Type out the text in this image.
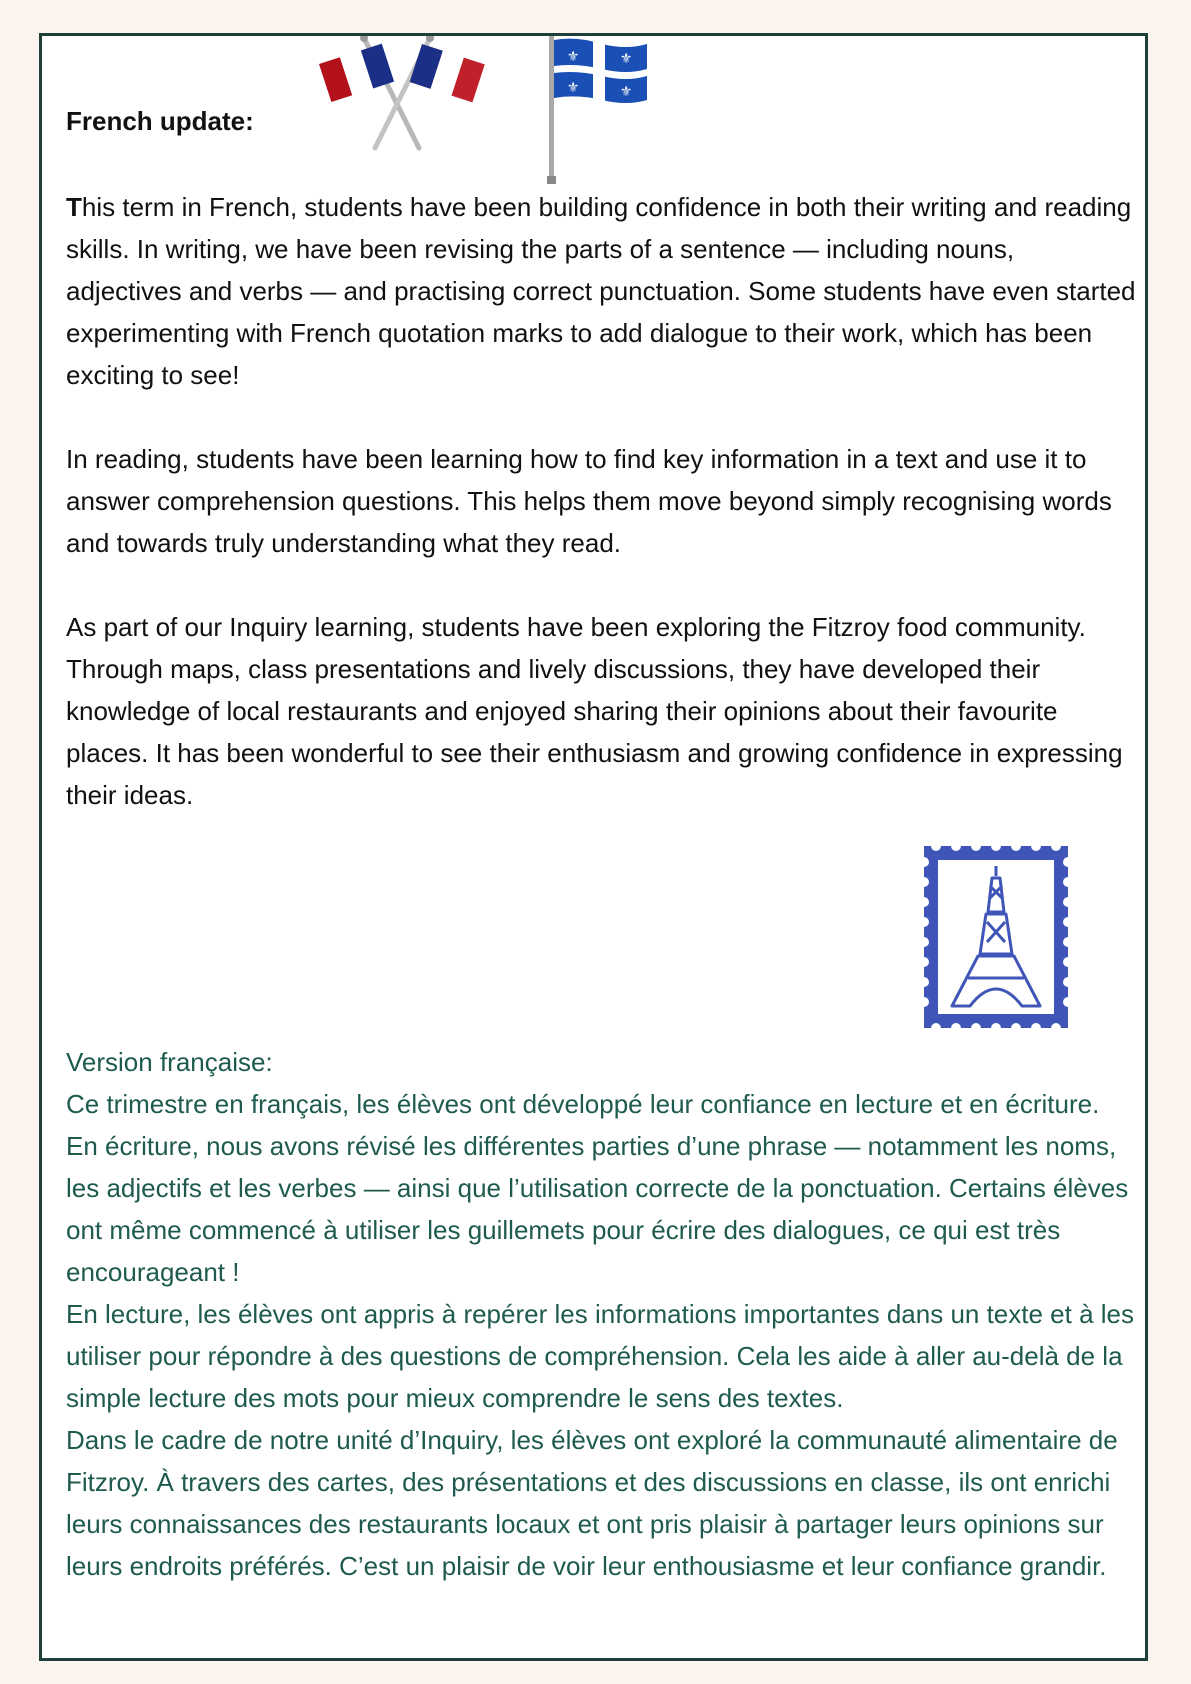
French update:
⚜	⚜
⚜	⚜

This term in French, students have been building confidence in both their writing and reading skills. In writing, we have been revising the parts of a sentence — including nouns, adjectives and verbs — and practising correct punctuation. Some students have even started experimenting with French quotation marks to add dialogue to their work, which has been exciting to see!

In reading, students have been learning how to find key information in a text and use it to answer comprehension questions. This helps them move beyond simply recognising words and towards truly understanding what they read.

As part of our Inquiry learning, students have been exploring the Fitzroy food community. Through maps, class presentations and lively discussions, they have developed their knowledge of local restaurants and enjoyed sharing their opinions about their favourite places. It has been wonderful to see their enthusiasm and growing confidence in expressing their ideas.

Version française:

Ce trimestre en français, les élèves ont développé leur confiance en lecture et en écriture. En écriture, nous avons révisé les différentes parties d’une phrase — notamment les noms, les adjectifs et les verbes — ainsi que l’utilisation correcte de la ponctuation. Certains élèves ont même commencé à utiliser les guillemets pour écrire des dialogues, ce qui est très encourageant !

En lecture, les élèves ont appris à repérer les informations importantes dans un texte et à les utiliser pour répondre à des questions de compréhension. Cela les aide à aller au-delà de la simple lecture des mots pour mieux comprendre le sens des textes.

Dans le cadre de notre unité d’Inquiry, les élèves ont exploré la communauté alimentaire de Fitzroy. À travers des cartes, des présentations et des discussions en classe, ils ont enrichi leurs connaissances des restaurants locaux et ont pris plaisir à partager leurs opinions sur leurs endroits préférés. C’est un plaisir de voir leur enthousiasme et leur confiance grandir.
